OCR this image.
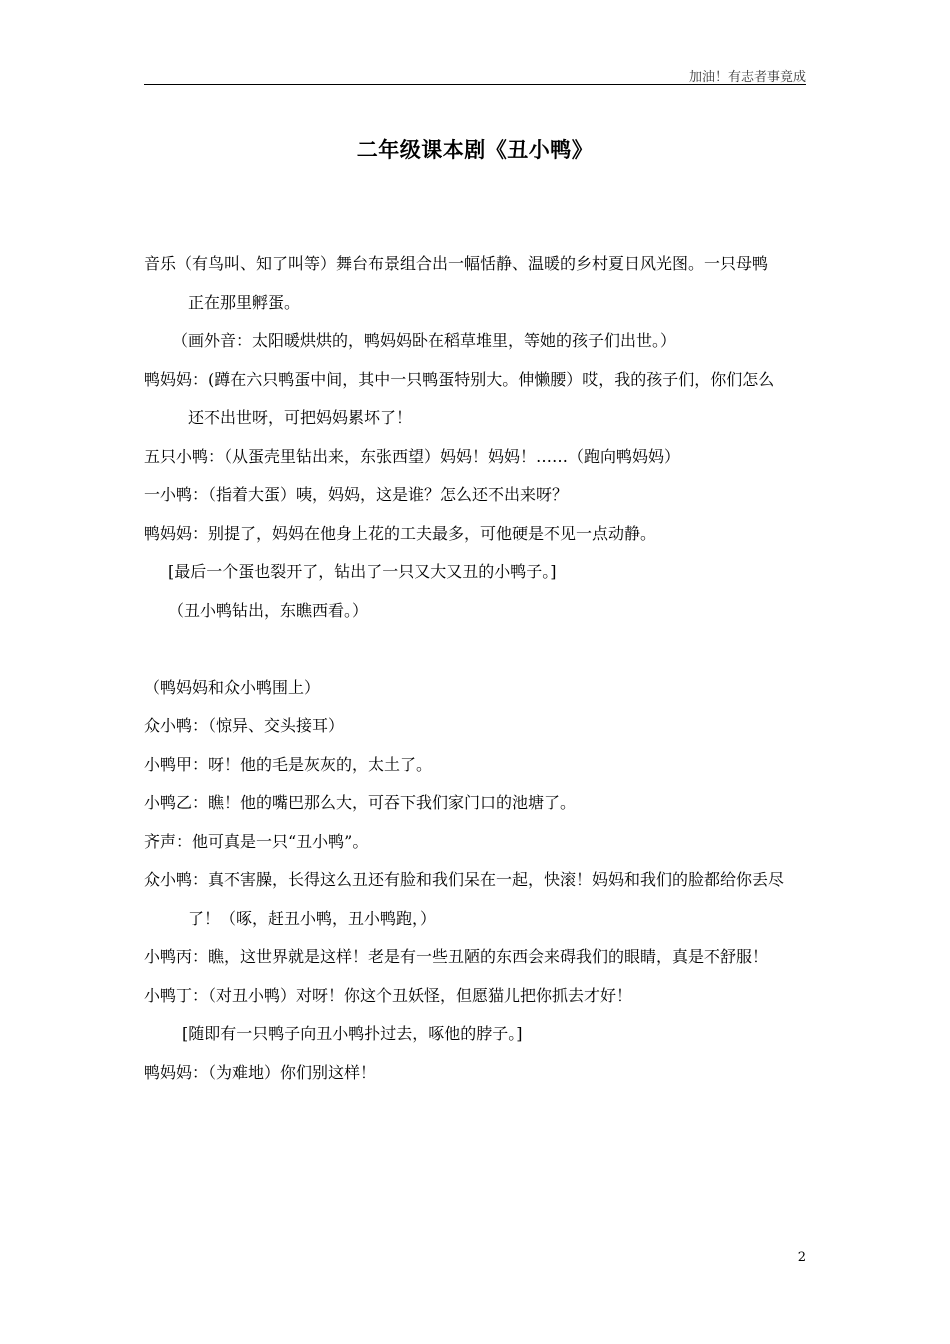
加油！有志者事竟成
二年级课本剧《丑小鸭》
音乐（有鸟叫、知了叫等）舞台布景组合出一幅恬静、温暖的乡村夏日风光图。一只母鸭
正在那里孵蛋。
（画外音：太阳暖烘烘的，鸭妈妈卧在稻草堆里，等她的孩子们出世。）
鸭妈妈：(蹲在六只鸭蛋中间，其中一只鸭蛋特别大。伸懒腰）哎，我的孩子们，你们怎么
还不出世呀，可把妈妈累坏了！
五只小鸭：（从蛋壳里钻出来，东张西望）妈妈！妈妈！……（跑向鸭妈妈）
一小鸭：（指着大蛋）咦，妈妈，这是谁？怎么还不出来呀？
鸭妈妈：别提了，妈妈在他身上花的工夫最多，可他硬是不见一点动静。
[最后一个蛋也裂开了，钻出了一只又大又丑的小鸭子。]
（丑小鸭钻出，东瞧西看。）
（鸭妈妈和众小鸭围上）
众小鸭：（惊异、交头接耳）
小鸭甲：呀！他的毛是灰灰的，太土了。
小鸭乙：瞧！他的嘴巴那么大，可吞下我们家门口的池塘了。
齐声：他可真是一只“丑小鸭”。
众小鸭：真不害臊，长得这么丑还有脸和我们呆在一起，快滚！妈妈和我们的脸都给你丢尽
了！（啄，赶丑小鸭，丑小鸭跑，）
小鸭丙：瞧，这世界就是这样！老是有一些丑陋的东西会来碍我们的眼睛，真是不舒服！
小鸭丁：（对丑小鸭）对呀！你这个丑妖怪，但愿猫儿把你抓去才好！
[随即有一只鸭子向丑小鸭扑过去，啄他的脖子。]
鸭妈妈：（为难地）你们别这样！
2
